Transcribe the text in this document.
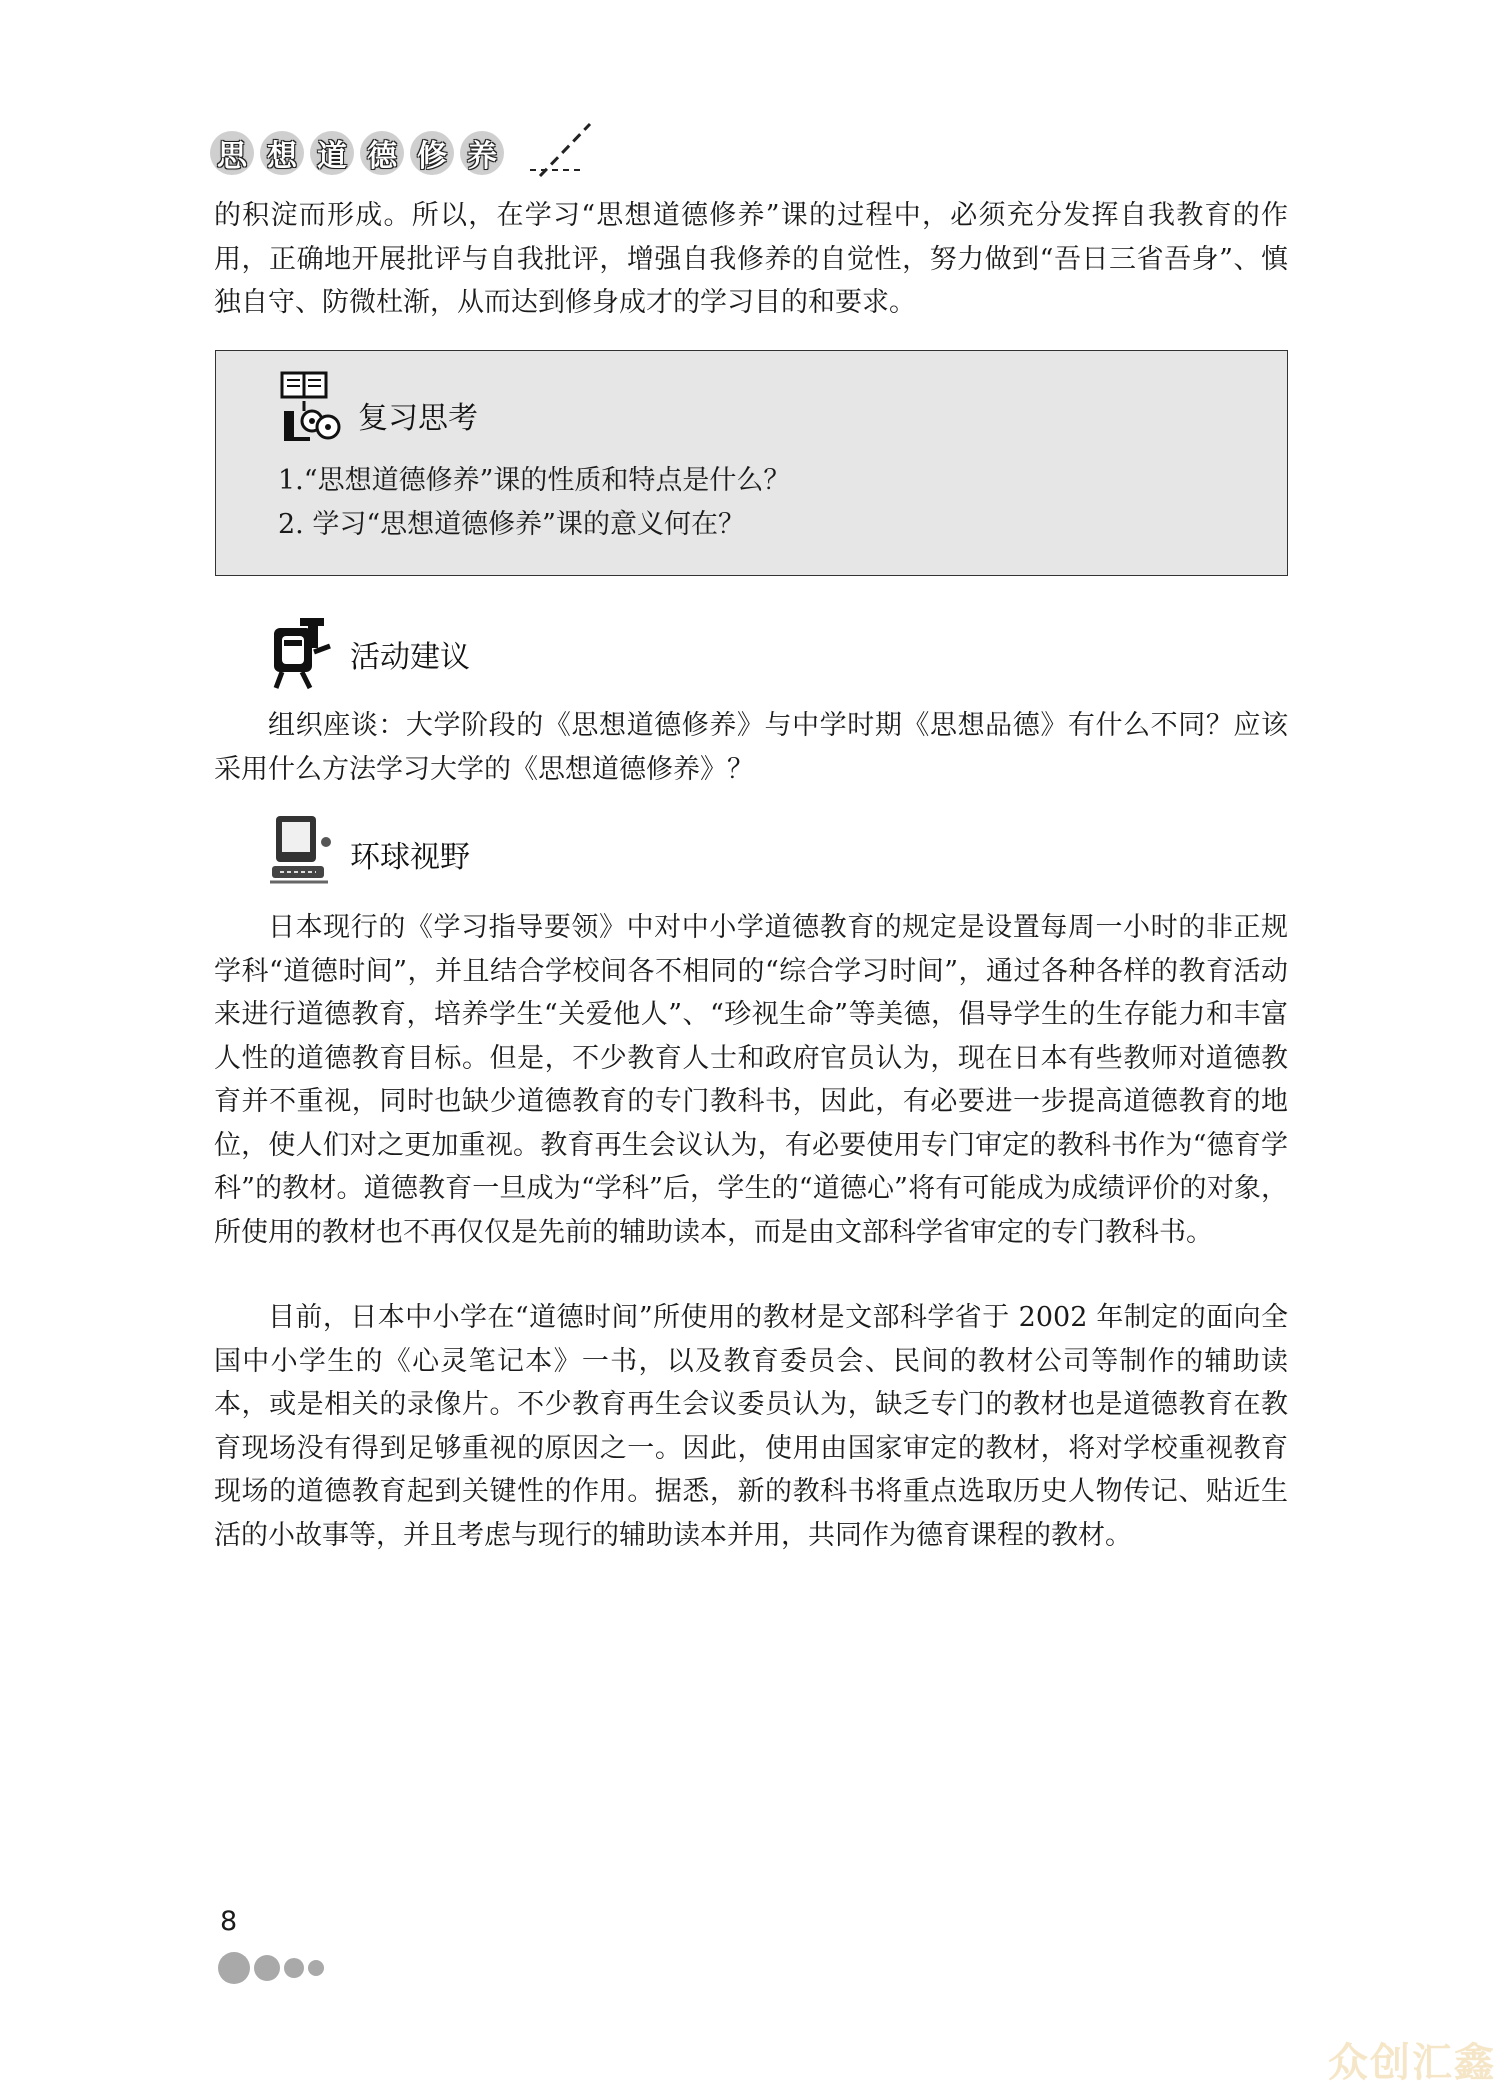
思 想 道 德 修 养

的积淀而形成。所以，在学习“思想道德修养”课的过程中，必须充分发挥自我教育的作用，正确地开展批评与自我批评，增强自我修养的自觉性，努力做到“吾日三省吾身”、慎独自守、防微杜渐，从而达到修身成才的学习目的和要求。

复习思考
1.“思想道德修养”课的性质和特点是什么？
2. 学习“思想道德修养”课的意义何在？
活动建议

组织座谈：大学阶段的《思想道德修养》与中学时期《思想品德》有什么不同？应该采用什么方法学习大学的《思想道德修养》？

环球视野

日本现行的《学习指导要领》中对中小学道德教育的规定是设置每周一小时的非正规学科“道德时间”，并且结合学校间各不相同的“综合学习时间”，通过各种各样的教育活动来进行道德教育，培养学生“关爱他人”、“珍视生命”等美德，倡导学生的生存能力和丰富人性的道德教育目标。但是，不少教育人士和政府官员认为，现在日本有些教师对道德教育并不重视，同时也缺少道德教育的专门教科书，因此，有必要进一步提高道德教育的地位，使人们对之更加重视。教育再生会议认为，有必要使用专门审定的教科书作为“德育学科”的教材。道德教育一旦成为“学科”后，学生的“道德心”将有可能成为成绩评价的对象，所使用的教材也不再仅仅是先前的辅助读本，而是由文部科学省审定的专门教科书。

目前，日本中小学在“道德时间”所使用的教材是文部科学省于 2002 年制定的面向全国中小学生的《心灵笔记本》一书，以及教育委员会、民间的教材公司等制作的辅助读本，或是相关的录像片。不少教育再生会议委员认为，缺乏专门的教材也是道德教育在教育现场没有得到足够重视的原因之一。因此，使用由国家审定的教材，将对学校重视教育现场的道德教育起到关键性的作用。据悉，新的教科书将重点选取历史人物传记、贴近生活的小故事等，并且考虑与现行的辅助读本并用，共同作为德育课程的教材。

8
众创汇鑫
